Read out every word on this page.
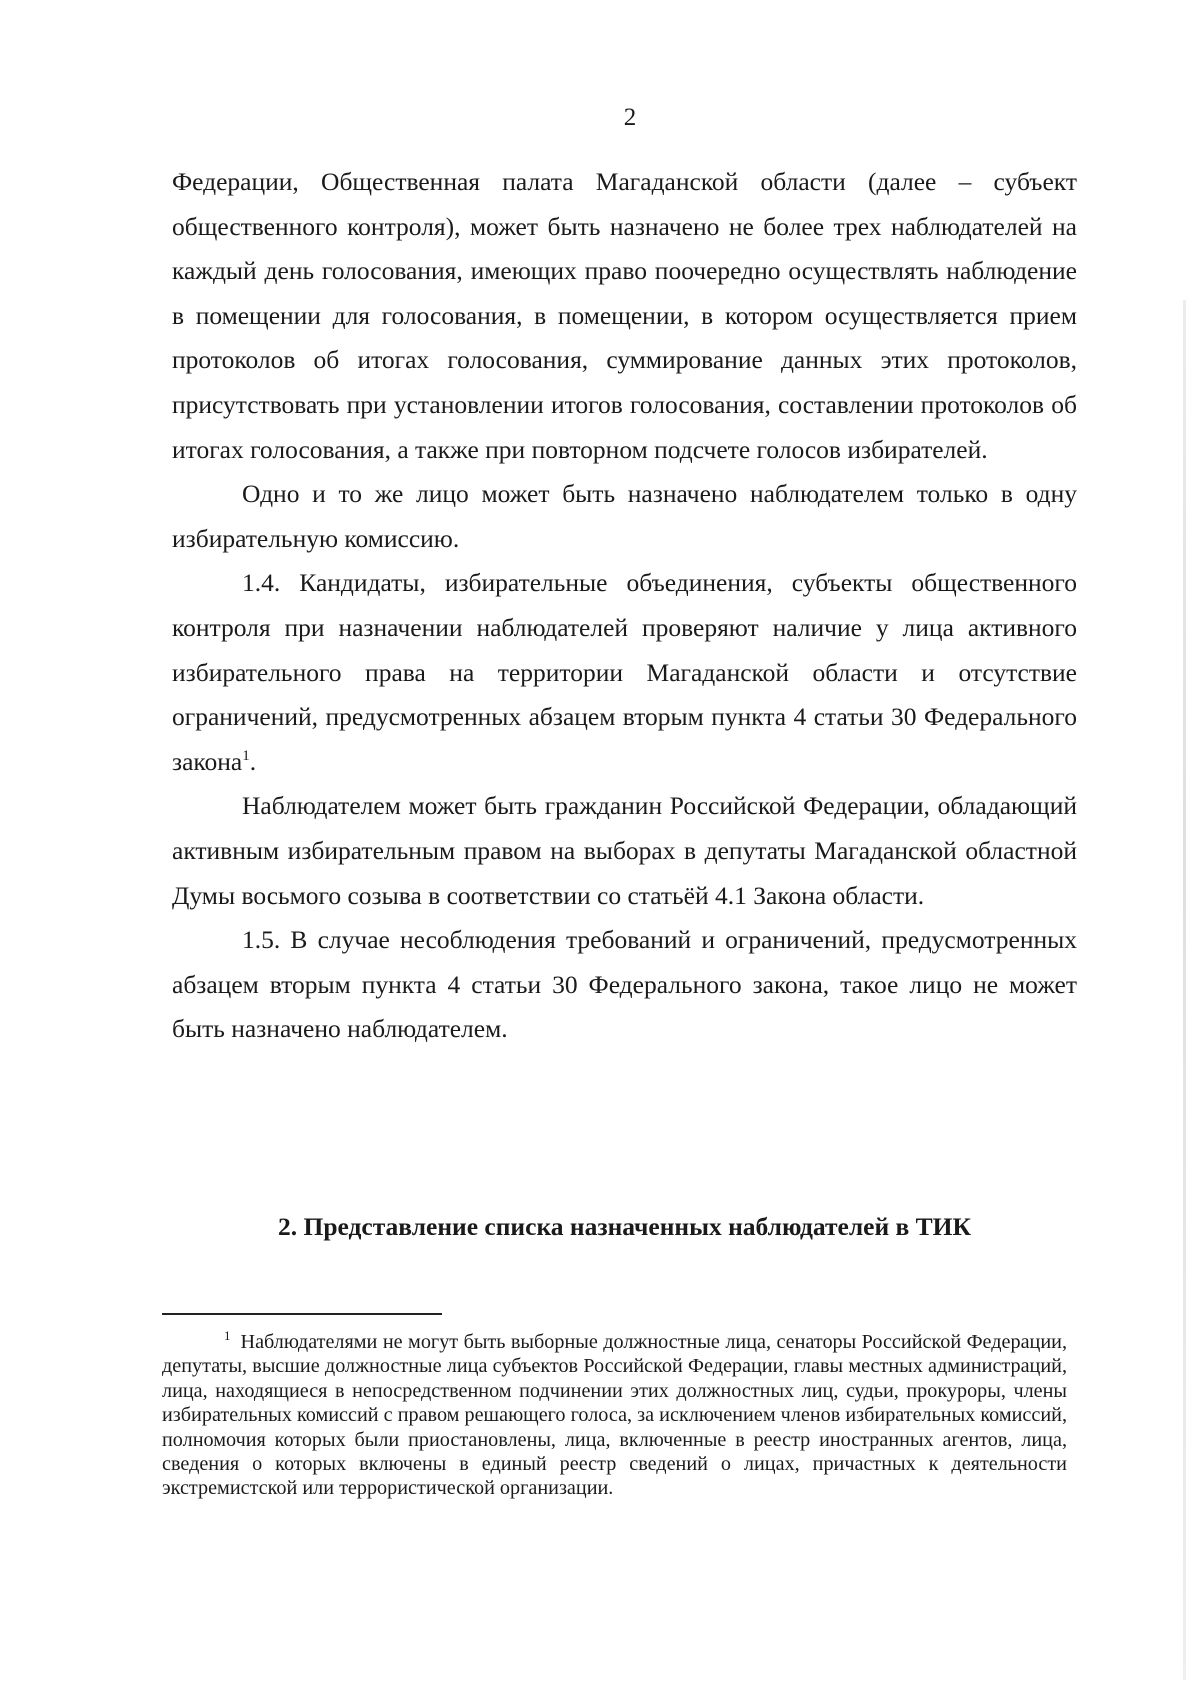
2

Федерации, Общественная палата Магаданской области (далее – субъект общественного контроля), может быть назначено не более трех наблюдателей на каждый день голосования, имеющих право поочередно осуществлять наблюдение в помещении для голосования, в помещении, в котором осуществляется прием протоколов об итогах голосования, суммирование данных этих протоколов, присутствовать при установлении итогов голосования, составлении протоколов об итогах голосования, а также при повторном подсчете голосов избирателей.

Одно и то же лицо может быть назначено наблюдателем только в одну избирательную комиссию.

1.4. Кандидаты, избирательные объединения, субъекты общественного контроля при назначении наблюдателей проверяют наличие у лица активного избирательного права на территории Магаданской области и отсутствие ограничений, предусмотренных абзацем вторым пункта 4 статьи 30 Федерального закона$^1$.

Наблюдателем может быть гражданин Российской Федерации, обладающий активным избирательным правом на выборах в депутаты Магаданской областной Думы восьмого созыва в соответствии со статьёй 4.1 Закона области.

1.5. В случае несоблюдения требований и ограничений, предусмотренных абзацем вторым пункта 4 статьи 30 Федерального закона, такое лицо не может быть назначено наблюдателем.

2. Представление списка назначенных наблюдателей в ТИК

$^1$ Наблюдателями не могут быть выборные должностные лица, сенаторы Российской Федерации, депутаты, высшие должностные лица субъектов Российской Федерации, главы местных администраций, лица, находящиеся в непосредственном подчинении этих должностных лиц, судьи, прокуроры, члены избирательных комиссий с правом решающего голоса, за исключением членов избирательных комиссий, полномочия которых были приостановлены, лица, включенные в реестр иностранных агентов, лица, сведения о которых включены в единый реестр сведений о лицах, причастных к деятельности экстремистской или террористической организации.
